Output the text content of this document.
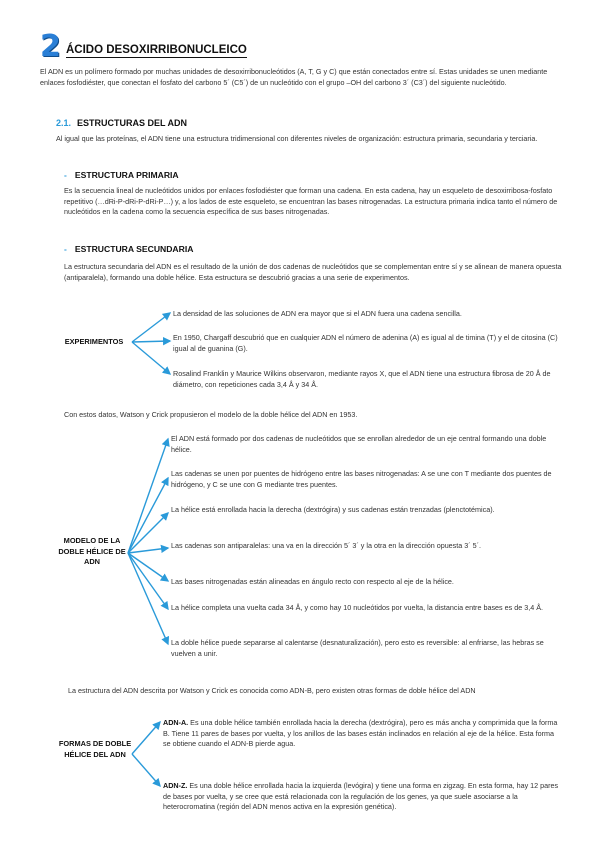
2 ÁCIDO DESOXIRRIBONUCLEICO

El ADN es un polímero formado por muchas unidades de desoxirribonucleótidos (A, T, G y C) que están conectados entre sí. Estas unidades se unen mediante enlaces fosfodiéster, que conectan el fosfato del carbono 5´ (C5´) de un nucleótido con el grupo –OH del carbono 3´ (C3´) del siguiente nucleótido.

2.1. ESTRUCTURAS DEL ADN

Al igual que las proteínas, el ADN tiene una estructura tridimensional con diferentes niveles de organización: estructura primaria, secundaria y terciaria.

- ESTRUCTURA PRIMARIA

Es la secuencia lineal de nucleótidos unidos por enlaces fosfodiéster que forman una cadena. En esta cadena, hay un esqueleto de desoxirribosa-fosfato repetitivo (…dRi-P-dRi-P-dRi-P…) y, a los lados de este esqueleto, se encuentran las bases nitrogenadas. La estructura primaria indica tanto el número de nucleótidos en la cadena como la secuencia específica de sus bases nitrogenadas.

- ESTRUCTURA SECUNDARIA

La estructura secundaria del ADN es el resultado de la unión de dos cadenas de nucleótidos que se complementan entre sí y se alinean de manera opuesta (antiparalela), formando una doble hélice. Esta estructura se descubrió gracias a una serie de experimentos.

EXPERIMENTOS

La densidad de las soluciones de ADN era mayor que si el ADN fuera una cadena sencilla.

En 1950, Chargaff descubrió que en cualquier ADN el número de adenina (A) es igual al de timina (T) y el de citosina (C) igual al de guanina (G).

Rosalind Franklin y Maurice Wilkins observaron, mediante rayos X, que el ADN tiene una estructura fibrosa de 20 Å de diámetro, con repeticiones cada 3,4 Å y 34 Å.

Con estos datos, Watson y Crick propusieron el modelo de la doble hélice del ADN en 1953.

MODELO DE LA DOBLE HÉLICE DE ADN

El ADN está formado por dos cadenas de nucleótidos que se enrollan alrededor de un eje central formando una doble hélice.

Las cadenas se unen por puentes de hidrógeno entre las bases nitrogenadas: A se une con T mediante dos puentes de hidrógeno, y C se une con G mediante tres puentes.

La hélice está enrollada hacia la derecha (dextrógira) y sus cadenas están trenzadas (plenctotémica).

Las cadenas son antiparalelas: una va en la dirección 5´ 3´ y la otra en la dirección opuesta 3´ 5´.

Las bases nitrogenadas están alineadas en ángulo recto con respecto al eje de la hélice.

La hélice completa una vuelta cada 34 Å, y como hay 10 nucleótidos por vuelta, la distancia entre bases es de 3,4 Å.

La doble hélice puede separarse al calentarse (desnaturalización), pero esto es reversible: al enfriarse, las hebras se vuelven a unir.

La estructura del ADN descrita por Watson y Crick es conocida como ADN-B, pero existen otras formas de doble hélice del ADN

FORMAS DE DOBLE HÉLICE DEL ADN

ADN-A. Es una doble hélice también enrollada hacia la derecha (dextrógira), pero es más ancha y comprimida que la forma B. Tiene 11 pares de bases por vuelta, y los anillos de las bases están inclinados en relación al eje de la hélice. Esta forma se obtiene cuando el ADN-B pierde agua.

ADN-Z. Es una doble hélice enrollada hacia la izquierda (levógira) y tiene una forma en zigzag. En esta forma, hay 12 pares de bases por vuelta, y se cree que está relacionada con la regulación de los genes, ya que suele asociarse a la heterocromatina (región del ADN menos activa en la expresión genética).
